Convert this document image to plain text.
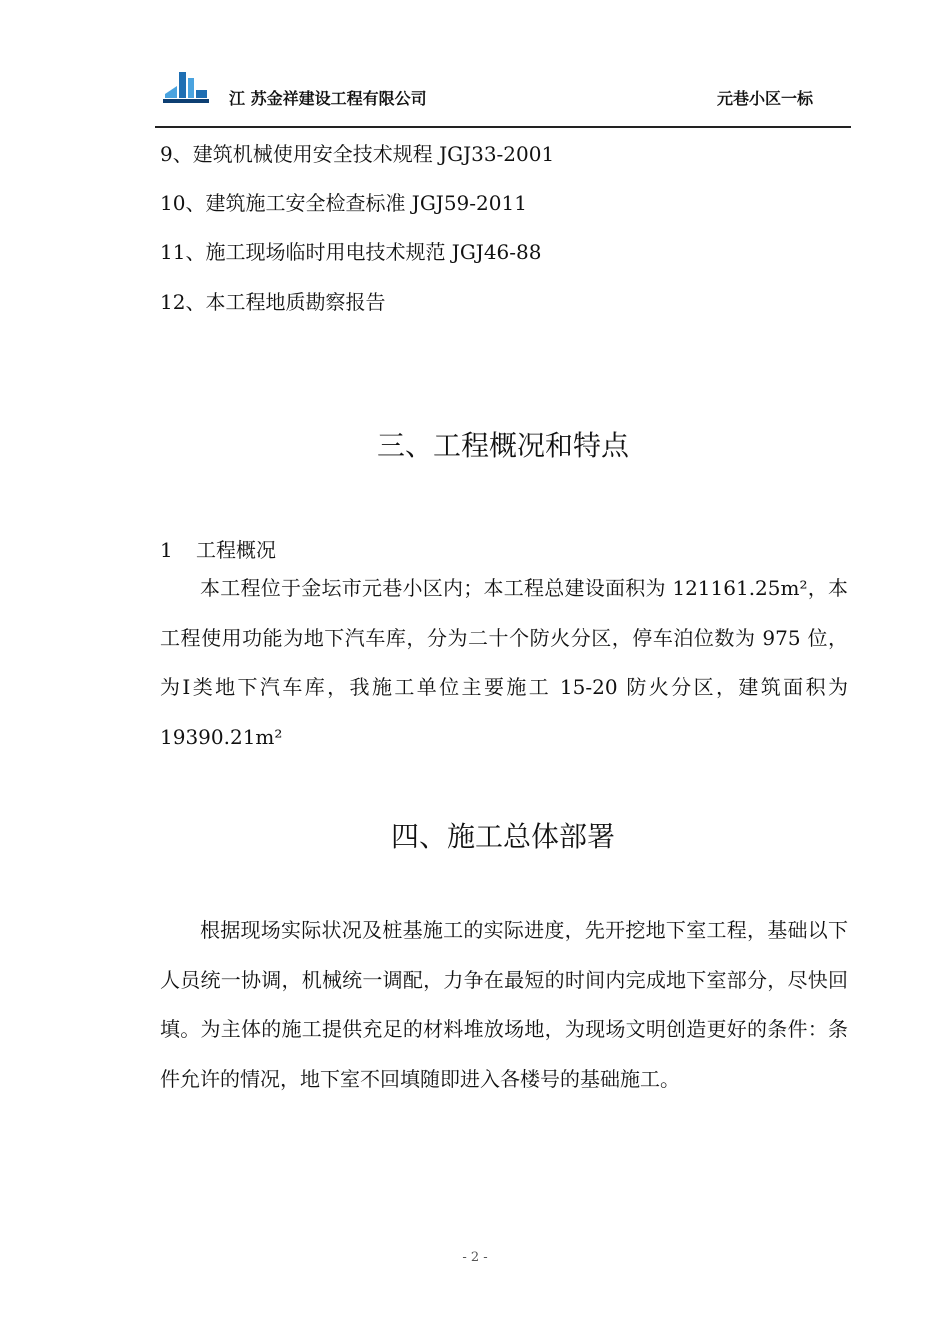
江 苏金祥建设工程有限公司	元巷小区一标
9、建筑机械使用安全技术规程 JGJ33-2001
10、建筑施工安全检查标准 JGJ59-2011
11、施工现场临时用电技术规范 JGJ46-88
12、本工程地质勘察报告
三、工程概况和特点
1 工程概况
本工程位于金坛市元巷小区内；本工程总建设面积为 121161.25m²，本工程使用功能为地下汽车库，分为二十个防火分区，停车泊位数为 975 位，为Ⅰ类地下汽车库，我施工单位主要施工 15-20 防火分区，建筑面积为 19390.21m²
四、施工总体部署
根据现场实际状况及桩基施工的实际进度，先开挖地下室工程，基础以下人员统一协调，机械统一调配，力争在最短的时间内完成地下室部分，尽快回填。为主体的施工提供充足的材料堆放场地，为现场文明创造更好的条件：条件允许的情况，地下室不回填随即进入各楼号的基础施工。
- 2 -
